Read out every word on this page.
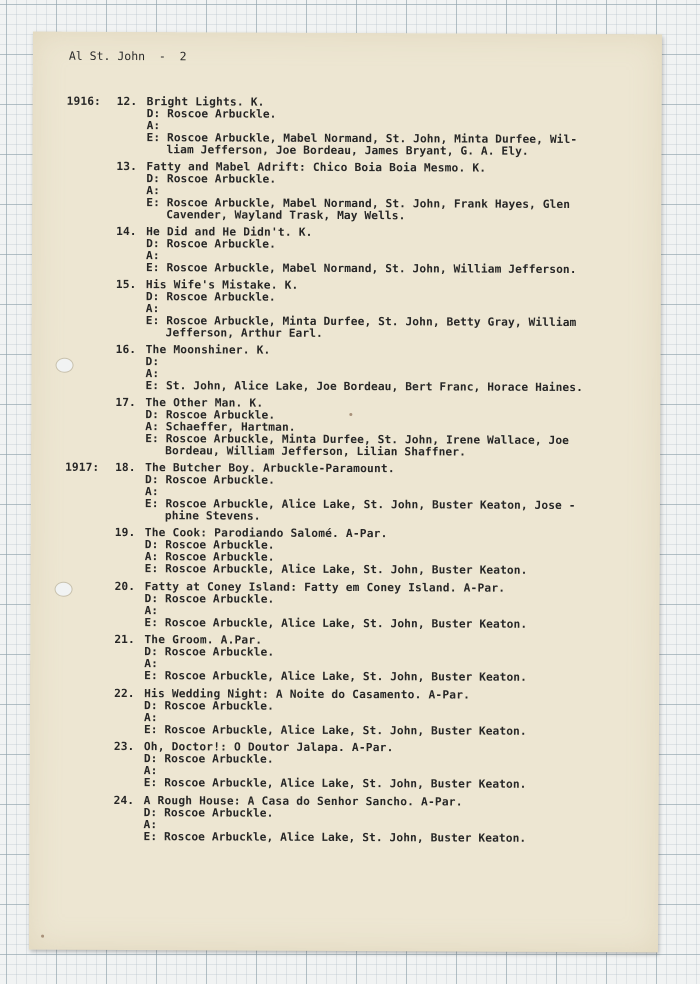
Al St. John  -  2
1916: 12. Bright Lights. K.
D: Roscoe Arbuckle.
A:
E: Roscoe Arbuckle, Mabel Normand, St. John, Minta Durfee, Wil-
liam Jefferson, Joe Bordeau, James Bryant, G. A. Ely.
13. Fatty and Mabel Adrift: Chico Boia Boia Mesmo. K.
D: Roscoe Arbuckle.
A:
E: Roscoe Arbuckle, Mabel Normand, St. John, Frank Hayes, Glen
Cavender, Wayland Trask, May Wells.
14. He Did and He Didn't. K.
D: Roscoe Arbuckle.
A:
E: Roscoe Arbuckle, Mabel Normand, St. John, William Jefferson.
15. His Wife's Mistake. K.
D: Roscoe Arbuckle.
A:
E: Roscoe Arbuckle, Minta Durfee, St. John, Betty Gray, William
Jefferson, Arthur Earl.
16. The Moonshiner. K.
D:
A:
E: St. John, Alice Lake, Joe Bordeau, Bert Franc, Horace Haines.
17. The Other Man. K.
D: Roscoe Arbuckle.
A: Schaeffer, Hartman.
E: Roscoe Arbuckle, Minta Durfee, St. John, Irene Wallace, Joe
Bordeau, William Jefferson, Lilian Shaffner.
1917: 18. The Butcher Boy. Arbuckle-Paramount.
D: Roscoe Arbuckle.
A:
E: Roscoe Arbuckle, Alice Lake, St. John, Buster Keaton, Jose -
phine Stevens.
19. The Cook: Parodiando Salomé. A-Par.
D: Roscoe Arbuckle.
A: Roscoe Arbuckle.
E: Roscoe Arbuckle, Alice Lake, St. John, Buster Keaton.
20. Fatty at Coney Island: Fatty em Coney Island. A-Par.
D: Roscoe Arbuckle.
A:
E: Roscoe Arbuckle, Alice Lake, St. John, Buster Keaton.
21. The Groom. A.Par.
D: Roscoe Arbuckle.
A:
E: Roscoe Arbuckle, Alice Lake, St. John, Buster Keaton.
22. His Wedding Night: A Noite do Casamento. A-Par.
D: Roscoe Arbuckle.
A:
E: Roscoe Arbuckle, Alice Lake, St. John, Buster Keaton.
23. Oh, Doctor!: O Doutor Jalapa. A-Par.
D: Roscoe Arbuckle.
A:
E: Roscoe Arbuckle, Alice Lake, St. John, Buster Keaton.
24. A Rough House: A Casa do Senhor Sancho. A-Par.
D: Roscoe Arbuckle.
A:
E: Roscoe Arbuckle, Alice Lake, St. John, Buster Keaton.
